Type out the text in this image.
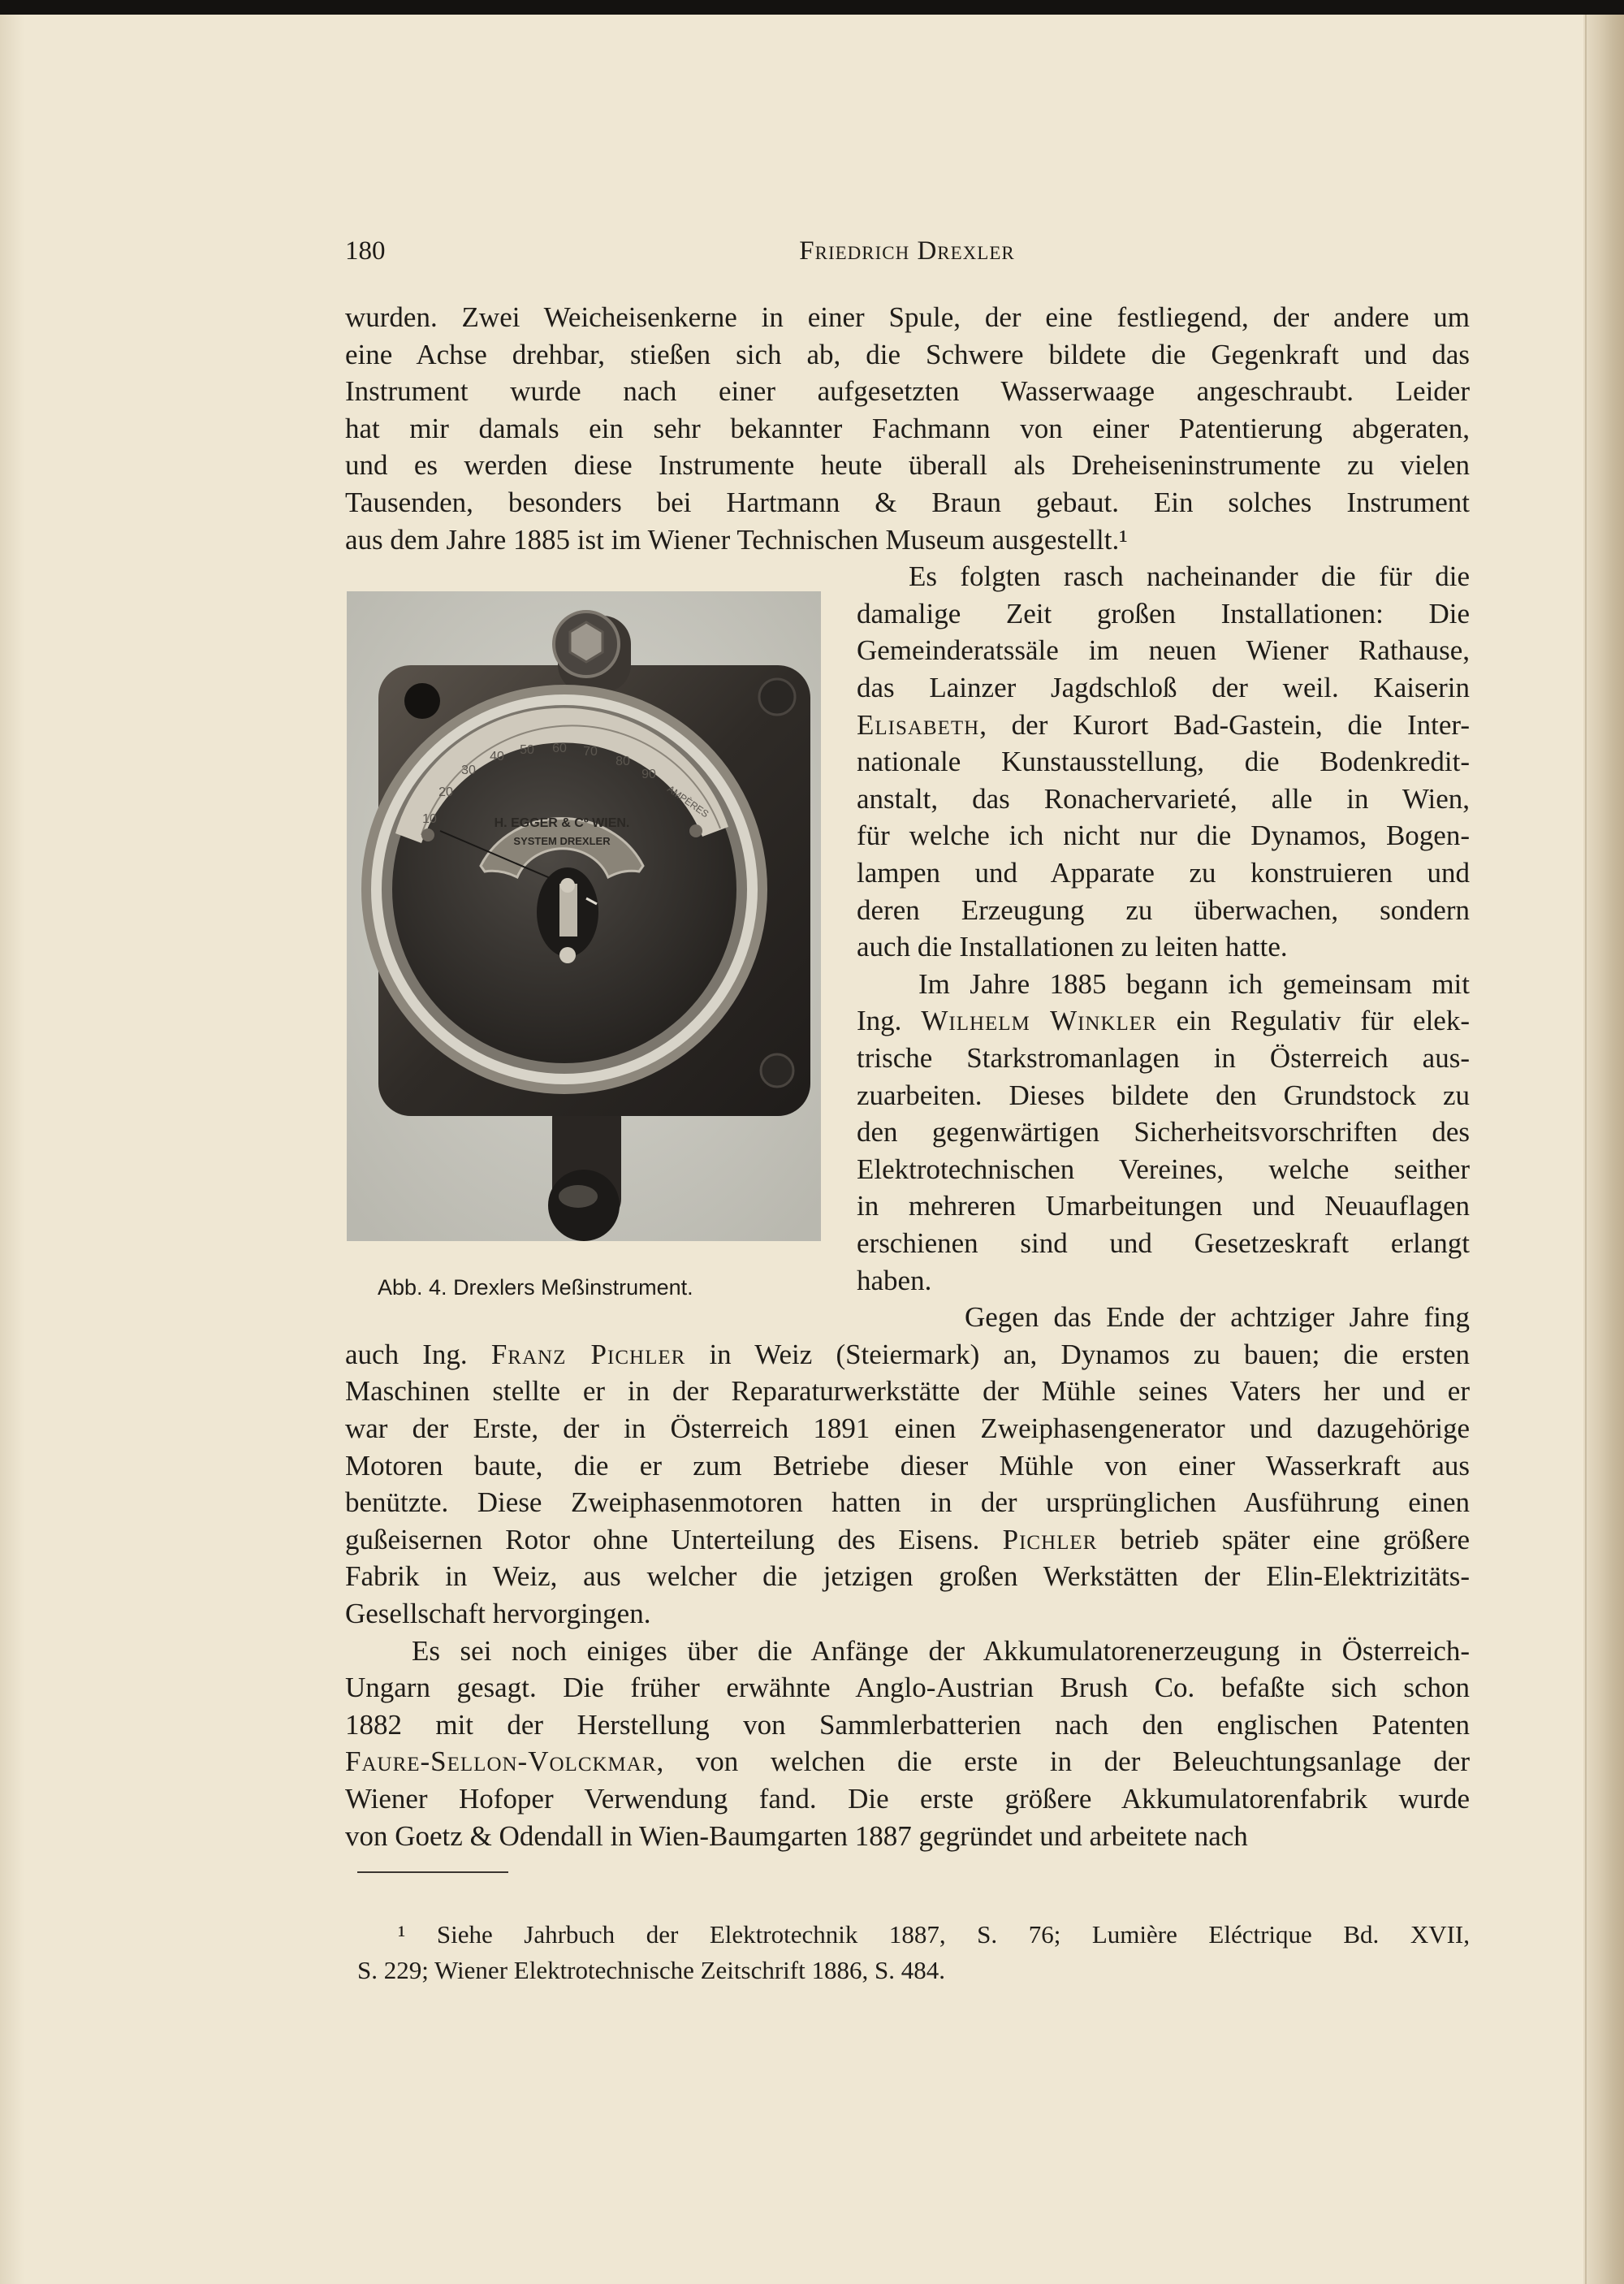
180	Friedrich Drexler
wurden. Zwei Weicheisenkerne in einer Spule, der eine festliegend, der andere um
eine Achse drehbar, stießen sich ab, die Schwere bildete die Gegenkraft und das
Instrument wurde nach einer aufgesetzten Wasserwaage angeschraubt. Leider
hat mir damals ein sehr bekannter Fachmann von einer Patentierung abgeraten,
und es werden diese Instrumente heute überall als Dreheiseninstrumente zu vielen
Tausenden, besonders bei Hartmann & Braun gebaut. Ein solches Instrument
aus dem Jahre 1885 ist im Wiener Technischen Museum ausgestellt.¹
Es folgten rasch nacheinander die für die
damalige Zeit großen Installationen: Die
Gemeinderatssäle im neuen Wiener Rathause,
das Lainzer Jagdschloß der weil. Kaiserin
Elisabeth, der Kurort Bad-Gastein, die Inter-
nationale Kunstausstellung, die Bodenkredit-
anstalt, das Ronachervarieté, alle in Wien,
für welche ich nicht nur die Dynamos, Bogen-
lampen und Apparate zu konstruieren und
deren Erzeugung zu überwachen, sondern
auch die Installationen zu leiten hatte.
Im Jahre 1885 begann ich gemeinsam mit
Ing. Wilhelm Winkler ein Regulativ für elek-
trische Starkstromanlagen in Österreich aus-
zuarbeiten. Dieses bildete den Grundstock zu
den gegenwärtigen Sicherheitsvorschriften des
Elektrotechnischen Vereines, welche seither
in mehreren Umarbeitungen und Neuauflagen
erschienen sind und Gesetzeskraft erlangt
haben.
Gegen das Ende der achtziger Jahre fing
auch Ing. Franz Pichler in Weiz (Steiermark) an, Dynamos zu bauen; die ersten
Maschinen stellte er in der Reparaturwerkstätte der Mühle seines Vaters her und er
war der Erste, der in Österreich 1891 einen Zweiphasengenerator und dazugehörige
Motoren baute, die er zum Betriebe dieser Mühle von einer Wasserkraft aus
benützte. Diese Zweiphasenmotoren hatten in der ursprünglichen Ausführung einen
gußeisernen Rotor ohne Unterteilung des Eisens. Pichler betrieb später eine größere
Fabrik in Weiz, aus welcher die jetzigen großen Werkstätten der Elin-Elektrizitäts-
Gesellschaft hervorgingen.
Es sei noch einiges über die Anfänge der Akkumulatorenerzeugung in Österreich-
Ungarn gesagt. Die früher erwähnte Anglo-Austrian Brush Co. befaßte sich schon
1882 mit der Herstellung von Sammlerbatterien nach den englischen Patenten
Faure-Sellon-Volckmar, von welchen die erste in der Beleuchtungsanlage der
Wiener Hofoper Verwendung fand. Die erste größere Akkumulatorenfabrik wurde
von Goetz & Odendall in Wien-Baumgarten 1887 gegründet und arbeitete nach
10
20
30
40 50 60 70
80
90
AMPÈRES
H. EGGER & Cº WIEN.
SYSTEM DREXLER
Abb. 4. Drexlers Meßinstrument.
¹ Siehe Jahrbuch der Elektrotechnik 1887, S. 76; Lumière Eléctrique Bd. XVII,
S. 229; Wiener Elektrotechnische Zeitschrift 1886, S. 484.
